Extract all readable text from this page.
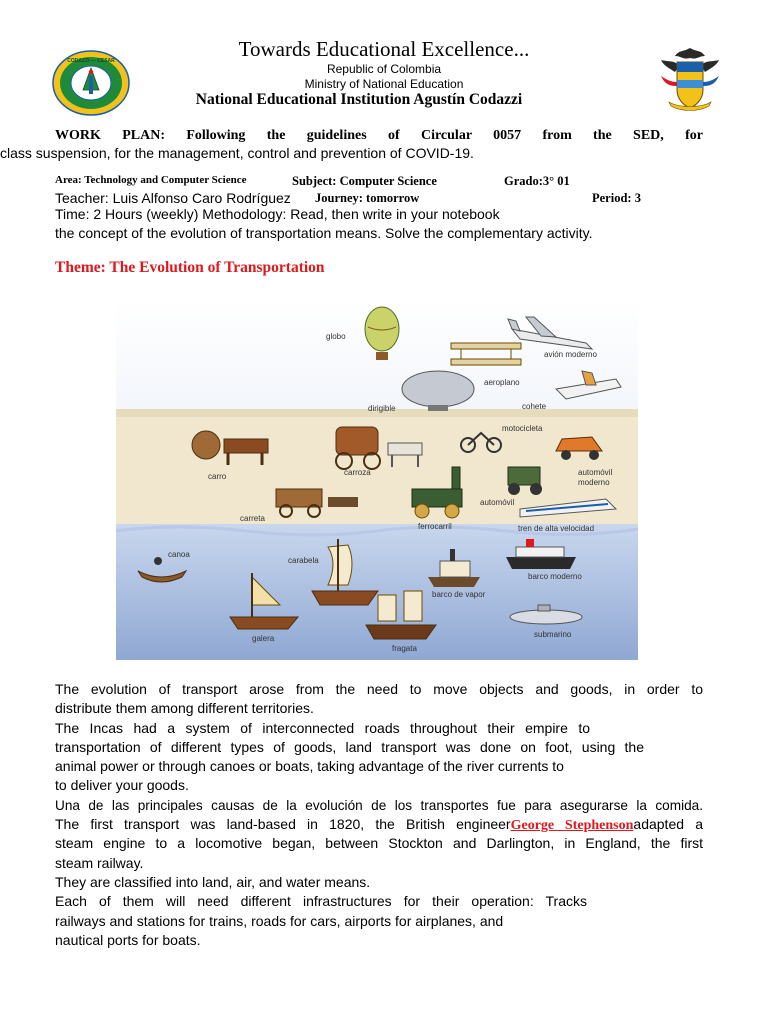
Towards Educational Excellence...
Republic of Colombia
Ministry of National Education
National Educational Institution Agustín Codazzi
CODAZZI — CESAR
WORK PLAN: Following the guidelines of Circular 0057 from the SED, for
class suspension, for the management, control and prevention of COVID-19.
Area: Technology and Computer Science	Subject: Computer Science	Grado:3° 01
Teacher: Luis Alfonso Caro Rodríguez Journey: tomorrow	Period: 3
Time: 2 Hours (weekly) Methodology: Read, then write in your notebook
the concept of the evolution of transportation means. Solve the complementary activity.
Theme: The Evolution of Transportation
globo
avión moderno
aeroplano
cohete
dirigible
motocicleta
carro	carroza	automóvil
moderno
automóvil
carreta
ferrocarril	tren de alta velocidad
canoa
carabela
barco moderno
barco de vapor
galera	submarino
fragata
The evolution of transport arose from the need to move objects and goods, in order to
distribute them among different territories.
The Incas had a system of interconnected roads throughout their empire to
transportation of different types of goods, land transport was done on foot, using the
animal power or through canoes or boats, taking advantage of the river currents to
to deliver your goods.
Una de las principales causas de la evolución de los transportes fue para asegurarse la comida.
The first transport was land-based in 1820, the British engineerGeorge Stephensonadapted a
steam engine to a locomotive began, between Stockton and Darlington, in England, the first
steam railway.
They are classified into land, air, and water means.
Each of them will need different infrastructures for their operation: Tracks
railways and stations for trains, roads for cars, airports for airplanes, and
nautical ports for boats.
